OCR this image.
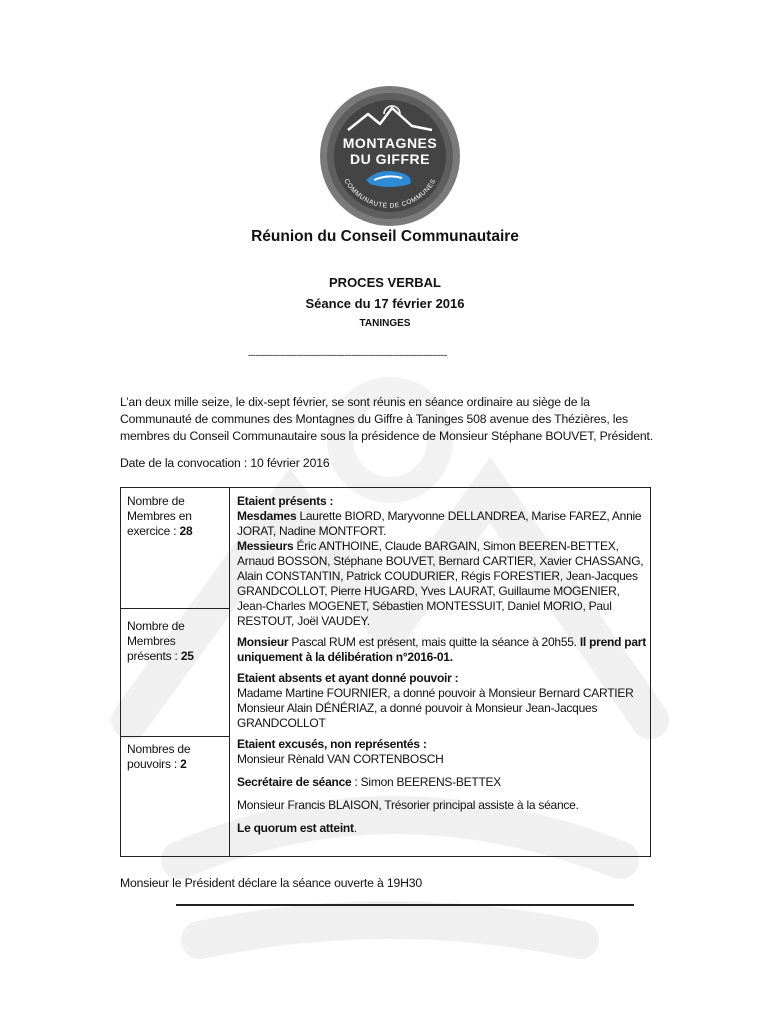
MONTAGNES
DU GIFFRE
COMMUNAUTÉ DE COMMUNES
Réunion du Conseil Communautaire
PROCES VERBAL
Séance du 17 février 2016
TANINGES
-----------------------------------------------------------------------------------
L’an deux mille seize, le dix-sept février, se sont réunis en séance ordinaire au siège de la Communauté de communes des Montagnes du Giffre à Taninges 508 avenue des Thézières, les membres du Conseil Communautaire sous la présidence de Monsieur Stéphane BOUVET, Président.
Date de la convocation : 10 février 2016
Nombre de Membres en exercice : 28
Nombre de Membres présents : 25
Nombres de pouvoirs : 2

Etaient présents :

Mesdames Laurette BIORD, Maryvonne DELLANDREA, Marise FAREZ, Annie JORAT, Nadine MONTFORT.

Messieurs Éric ANTHOINE, Claude BARGAIN, Simon BEEREN-BETTEX, Arnaud BOSSON, Stéphane BOUVET, Bernard CARTIER, Xavier CHASSANG, Alain CONSTANTIN, Patrick COUDURIER, Régis FORESTIER, Jean-Jacques GRANDCOLLOT, Pierre HUGARD, Yves LAURAT, Guillaume MOGENIER, Jean-Charles MOGENET, Sébastien MONTESSUIT, Daniel MORIO, Paul RESTOUT, Joël VAUDEY.

Monsieur Pascal RUM est présent, mais quitte la séance à 20h55. Il prend part uniquement à la délibération n°2016-01.

Etaient absents et ayant donné pouvoir :

Madame Martine FOURNIER, a donné pouvoir à Monsieur Bernard CARTIER

Monsieur Alain DÉNÉRIAZ, a donné pouvoir à Monsieur Jean-Jacques GRANDCOLLOT

Etaient excusés, non représentés :

Monsieur Rènald VAN CORTENBOSCH

Secrétaire de séance : Simon BEERENS-BETTEX

Monsieur Francis BLAISON, Trésorier principal assiste à la séance.

Le quorum est atteint.

Monsieur le Président déclare la séance ouverte à 19H30
